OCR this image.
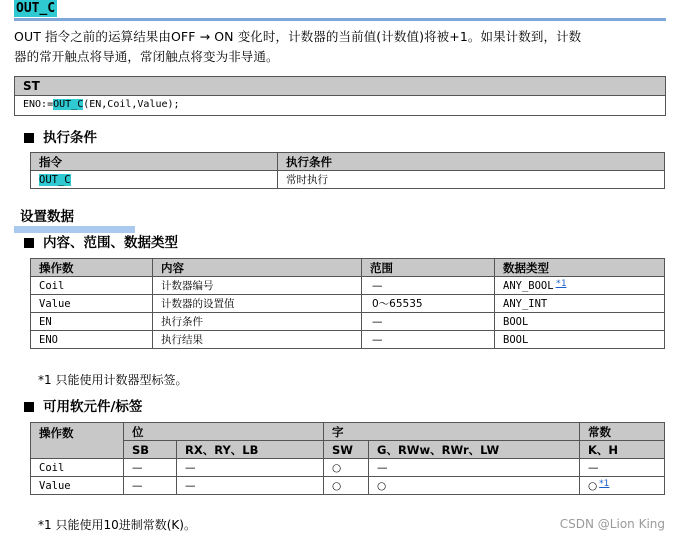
OUT_C
OUT 指令之前的运算结果由OFF → ON 变化时，计数器的当前值(计数值)将被+1。如果计数到，计数
器的常开触点将导通，常闭触点将变为非导通。
ST
ENO:=OUT_C(EN,Coil,Value);
执行条件
指令	执行条件
OUT_C	常时执行
设置数据
内容、范围、数据类型
操作数	内容	范围	数据类型
Coil	计数器编号	—	ANY_BOOL *1
Value	计数器的设置值	0～65535	ANY_INT
EN	执行条件	—	BOOL
ENO	执行结果	—	BOOL
*1 只能使用计数器型标签。
可用软元件/标签
操作数	位		字		常数
	SB	RX、RY、LB	SW	G、RWw、RWr、LW	K、H
Coil	—	—	○	—	—
Value	—	—	○	○	○ *1
*1 只能使用10进制常数(K)。	CSDN @Lion King
